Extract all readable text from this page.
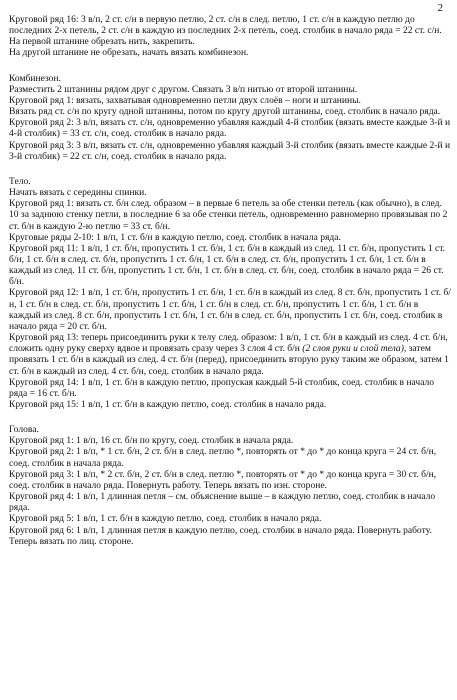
2

Круговой ряд 16: 3 в/п, 2 ст. с/н в первую петлю, 2 ст. с/н в след. петлю, 1 ст. с/н в каждую петлю до последних 2-х петель, 2 ст. с/н в каждую из последних 2-х петель, соед. столбик в начало ряда = 22 ст. с/н.

На первой штанине обрезать нить, закрепить.

На другой штанине не обрезать, начать вязать комбинезон.

Комбинезон.

Разместить 2 штанины рядом друг с другом. Связать 3 в/п нитью от второй штанины.

Круговой ряд 1: вязать, захватывая одновременно петли двух слоёв – ноги и штанины.

Вязать ряд ст. с/н по кругу одной штанины, потом по кругу другой штанины, соед. столбик в начало ряда.

Круговой ряд 2: 3 в/п, вязать ст. с/н, одновременно убавляя каждый 4-й столбик (вязать вместе каждые 3-й и 4-й столбик) = 33 ст. с/н, соед. столбик в начало ряда.

Круговой ряд 3: 3 в/п, вязать ст. с/н, одновременно убавляя каждый 3-й столбик (вязать вместе каждые 2-й и 3-й столбик) = 22 ст. с/н, соед. столбик в начало ряда.

Тело.

Начать вязать с середины спинки.

Круговой ряд 1: вязать ст. б/н след. образом – в первые 6 петель за обе стенки петель (как обычно), в след. 10 за заднюю стенку петли, в последние 6 за обе стенки петель, одновременно равномерно провязывая по 2 ст. б/н в каждую 2-ю петлю = 33 ст. б/н.

Круговые ряды 2-10: 1 в/п, 1 ст. б/н в каждую петлю, соед. столбик в начала ряда.

Круговой ряд 11: 1 в/п, 1 ст. б/н, пропустить 1 ст. б/н, 1 ст. б/н в каждый из след. 11 ст. б/н, пропустить 1 ст. б/н, 1 ст. б/н в след. ст. б/н, пропустить 1 ст. б/н, 1 ст. б/н в след. ст. б/н, пропустить 1 ст. б/н, 1 ст. б/н в каждый из след. 11 ст. б/н, пропустить 1 ст. б/н, 1 ст. б/н в след. ст. б/н, соед. столбик в начало ряда = 26 ст. б/н.

Круговой ряд 12: 1 в/п, 1 ст. б/н, пропустить 1 ст. б/н, 1 ст. б/н в каждый из след. 8 ст. б/н, пропустить 1 ст. б/н, 1 ст. б/н в след. ст. б/н, пропустить 1 ст. б/н, 1 ст. б/н в след. ст. б/н, пропустить 1 ст. б/н, 1 ст. б/н в каждый из след. 8 ст. б/н, пропустить 1 ст. б/н, 1 ст. б/н в след. ст. б/н, пропустить 1 ст. б/н, соед. столбик в начало ряда = 20 ст. б/н.

Круговой ряд 13: теперь присоединить руки к телу след. образом: 1 в/п, 1 ст. б/н в каждый из след. 4 ст. б/н, сложить одну руку сверху вдвое и провязать сразу через 3 слоя 4 ст. б/н (2 слоя руки и слой тела), затем провязать 1 ст. б/н в каждый из след. 4 ст. б/н (перед), присоединить вторую руку таким же образом, затем 1 ст. б/н в каждый из след. 4 ст. б/н, соед. столбик в начало ряда.

Круговой ряд 14: 1 в/п, 1 ст. б/н в каждую петлю, пропуская каждый 5-й столбик, соед. столбик в начало ряда = 16 ст. б/н.

Круговой ряд 15: 1 в/п, 1 ст. б/н в каждую петлю, соед. столбик в начало ряда.

Голова.

Круговой ряд 1: 1 в/п, 16 ст. б/н по кругу, соед. столбик в начала ряда.

Круговой ряд 2: 1 в/п, * 1 ст. б/н, 2 ст. б/н в след. петлю *, повторять от * до * до конца круга = 24 ст. б/н, соед. столбик в начала ряда.

Круговой ряд 3: 1 в/п, * 2 ст. б/н, 2 ст. б/н в след. петлю *, повторять от * до * до конца круга = 30 ст. б/н, соед. столбик в начало ряда. Повернуть работу. Теперь вязать по изн. стороне.

Круговой ряд 4: 1 в/п, 1 длинная петля – см. объяснение выше – в каждую петлю, соед. столбик в начало ряда.

Круговой ряд 5: 1 в/п, 1 ст. б/н в каждую петлю, соед. столбик в начало ряда.

Круговой ряд 6: 1 в/п, 1 длинная петля в каждую петлю, соед. столбик в начало ряда. Повернуть работу. Теперь вязать по лиц. стороне.
